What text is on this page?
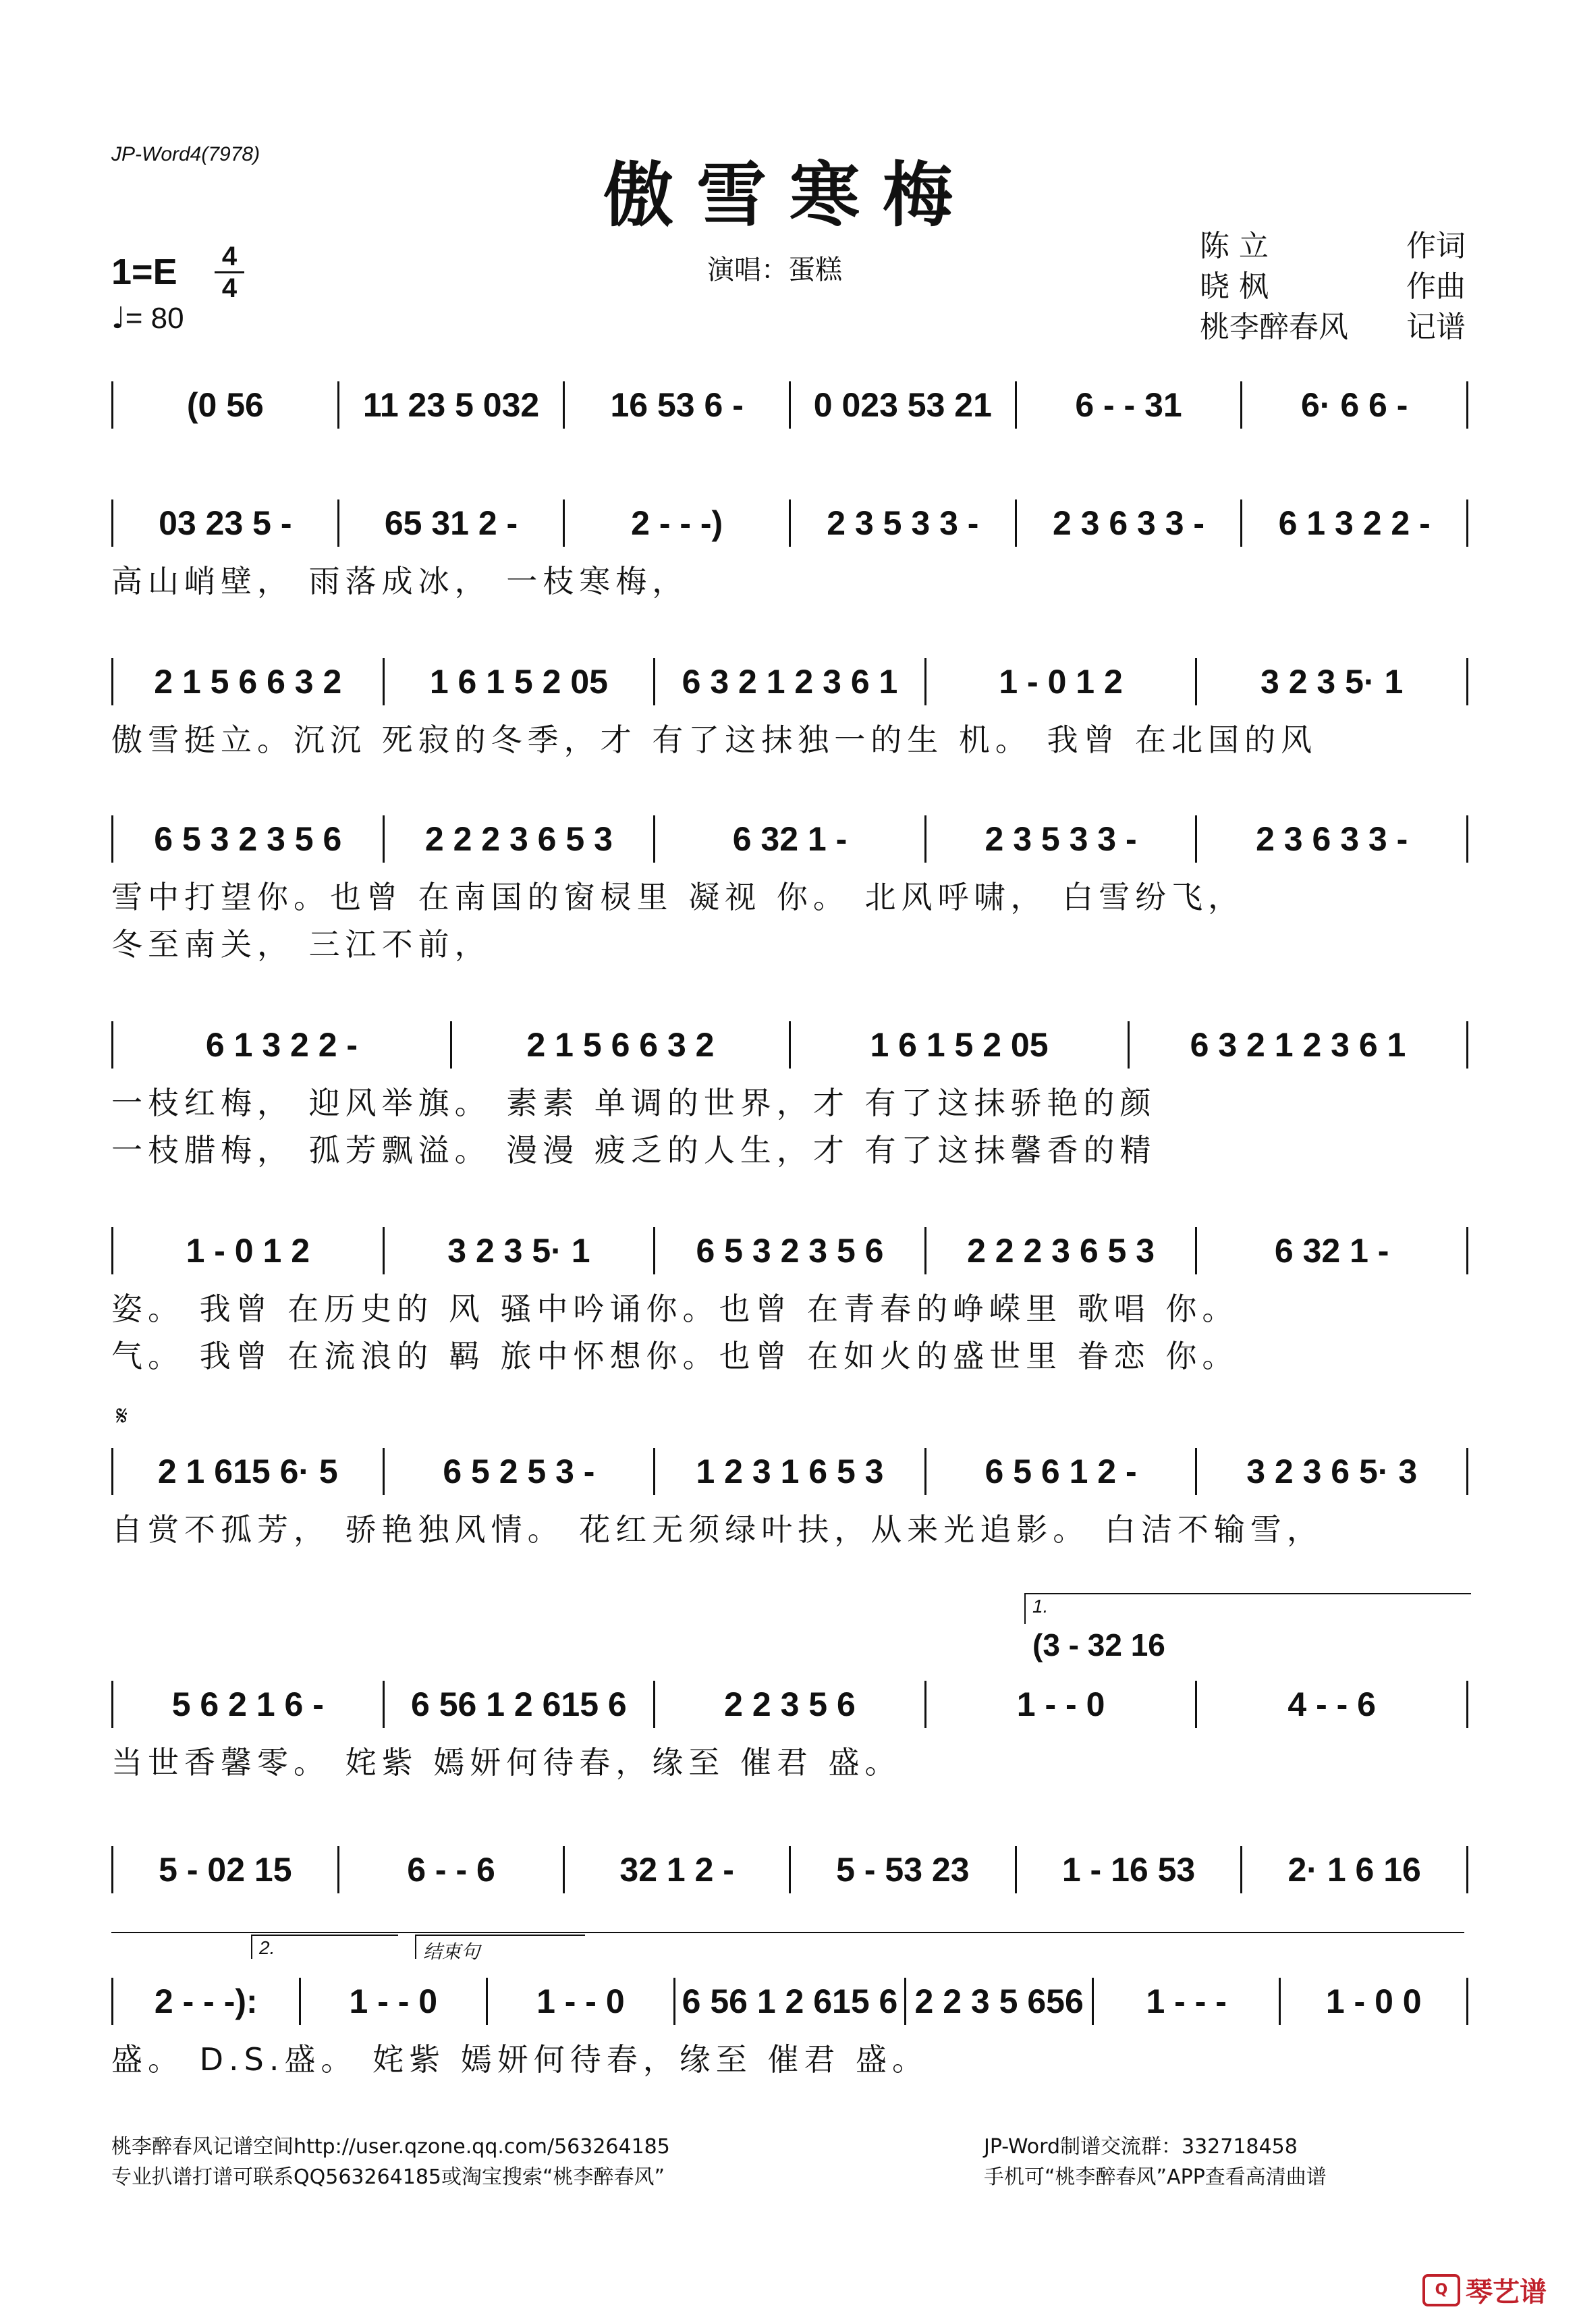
JP-Word4(7978)	傲雪寒梅
1=E 4
4
♩= 80
演唱：蛋糕
陈 立	作词
晓 枫	作曲
桃李醉春风 记谱
(0 56	11 23 5 032	16 53 6 -	0 023 53 21	6 - - 31	6· 6 6 -
03 23 5 -	65 31 2 -	2 - - -)	2 3 5 3 3 -	2 3 6 3 3 -	6 1 3 2 2 -
高山峭壁， 雨落成冰， 一枝寒梅，
2 1 5 6 6 3 2	1 6 1 5 2 05	6 3 2 1 2 3 6 1	1 - 0 1 2	3 2 3 5· 1
傲雪挺立。沉沉 死寂的冬季，才 有了这抹独一的生 机。 我曾 在北国的风
6 5 3 2 3 5 6	2 2 2 3 6 5 3	6 32 1 -	2 3 5 3 3 -	2 3 6 3 3 -
雪中打望你。也曾 在南国的窗棂里 凝视 你。 北风呼啸， 白雪纷飞，
冬至南关， 三江不前，
6 1 3 2 2 -	2 1 5 6 6 3 2	1 6 1 5 2 05	6 3 2 1 2 3 6 1
一枝红梅， 迎风举旗。 素素 单调的世界，才 有了这抹骄艳的颜
一枝腊梅， 孤芳飘溢。 漫漫 疲乏的人生，才 有了这抹馨香的精
1 - 0 1 2	3 2 3 5· 1	6 5 3 2 3 5 6	2 2 2 3 6 5 3	6 32 1 -
姿。 我曾 在历史的 风 骚中吟诵你。也曾 在青春的峥嵘里 歌唱 你。
气。 我曾 在流浪的 羁 旅中怀想你。也曾 在如火的盛世里 眷恋 你。
𝄋
2 1 615 6· 5	6 5 2 5 3 -	1 2 3 1 6 5 3	6 5 6 1 2 -	3 2 3 6 5· 3
自赏不孤芳， 骄艳独风情。 花红无须绿叶扶，从来光追影。 白洁不输雪，
1.
(3 - 32 16
5 6 2 1 6 -	6 56 1 2 615 6	2 2 3 5 6	1 - - 0	4 - - 6
当世香馨零。 姹紫 嫣妍何待春，缘至 催君 盛。
5 - 02 15	6 - - 6	32 1 2 -	5 - 53 23	1 - 16 53	2· 1 6 16
2.	结束句
2 - - -):	1 - - 0	1 - - 0	6 56 1 2 615 6 2 2 3 5 656	1 - - -	1 - 0 0
盛。 D.S.盛。 姹紫 嫣妍何待春，缘至 催君 盛。
桃李醉春风记谱空间http://user.qzone.qq.com/563264185
专业扒谱打谱可联系QQ563264185或淘宝搜索“桃李醉春风”
JP-Word制谱交流群：332718458
手机可“桃李醉春风”APP查看高清曲谱
Q 琴艺谱
